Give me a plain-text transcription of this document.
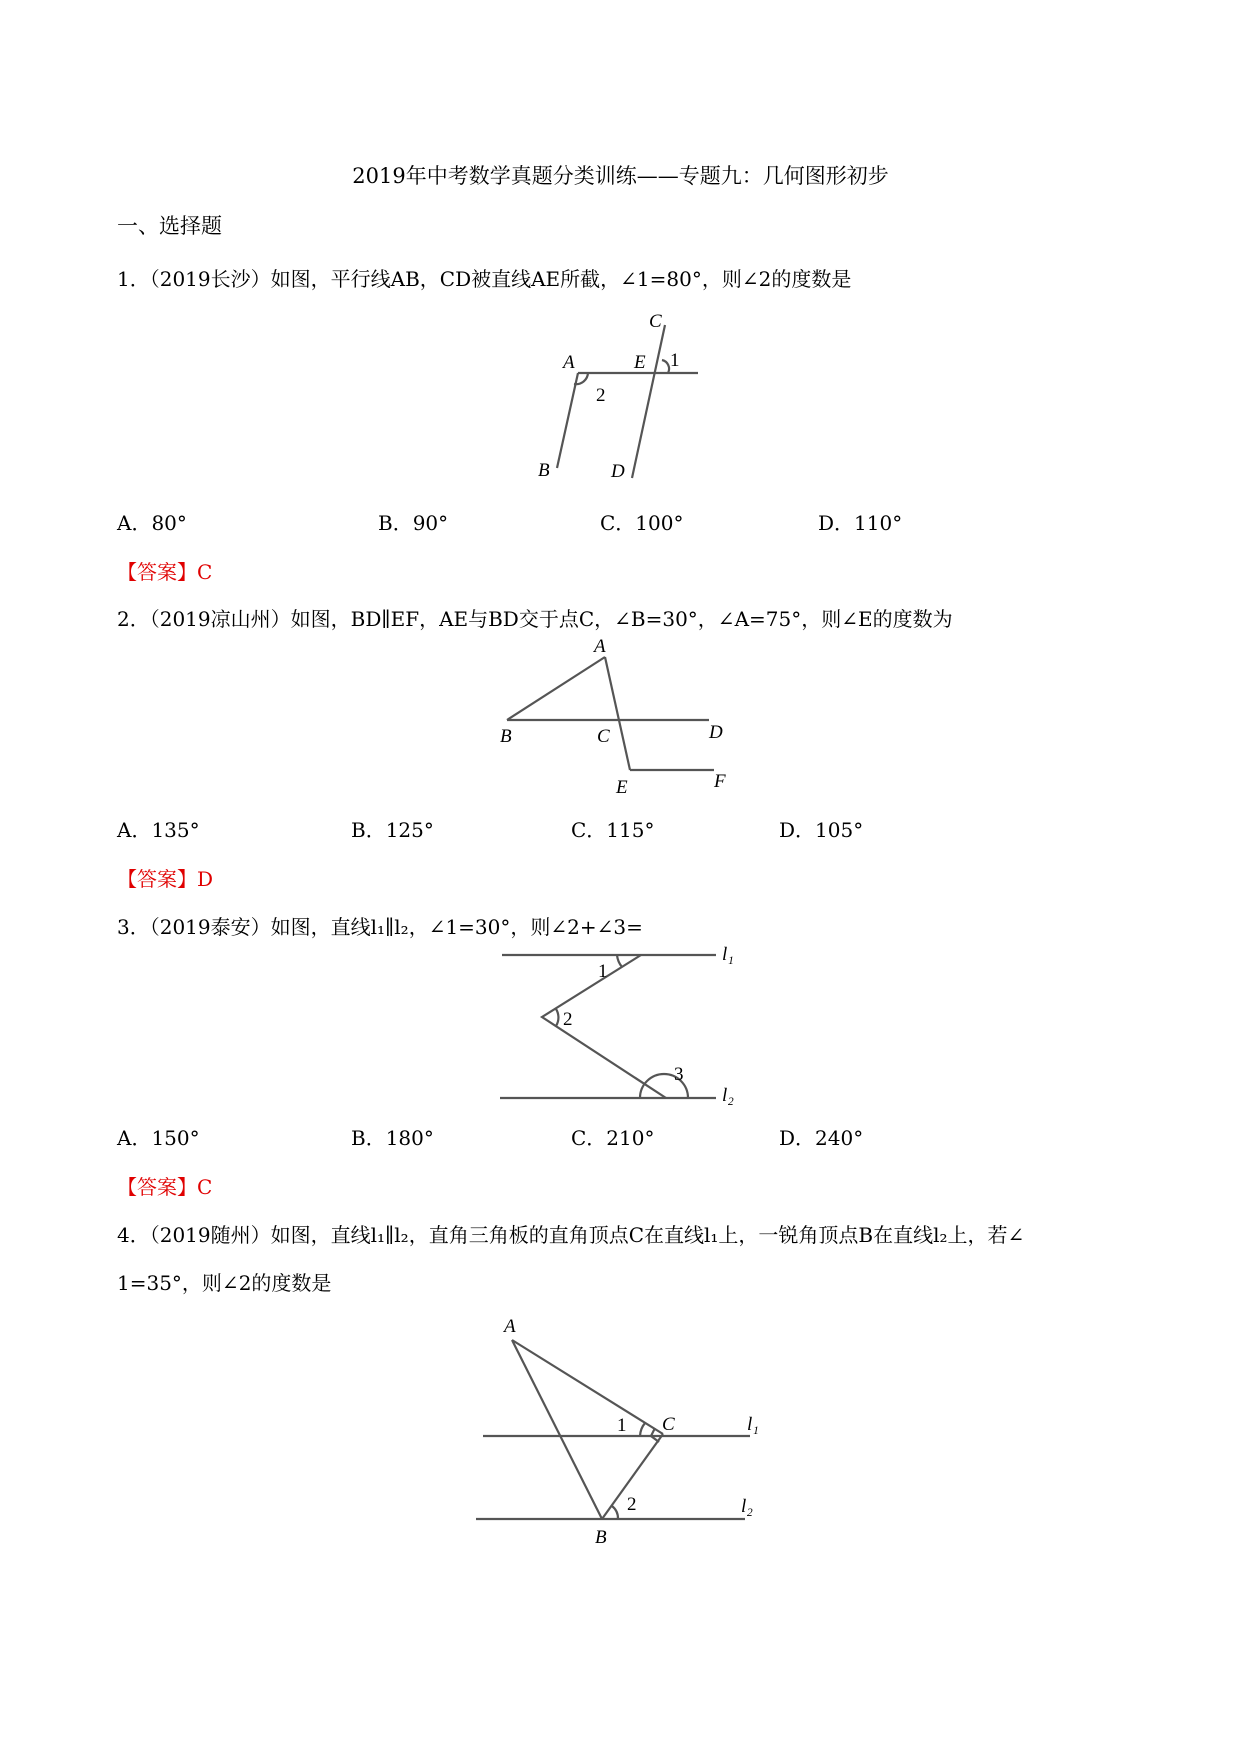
2019年中考数学真题分类训练——专题九：几何图形初步
一、选择题
1．（2019长沙）如图，平行线AB，CD被直线AE所截，∠1=80°，则∠2的度数是
C
A	E 1
2
B	D
A．80°	B．90°	C．100°	D．110°
【答案】C
2．（2019凉山州）如图，BD∥EF，AE与BD交于点C，∠B=30°，∠A=75°，则∠E的度数为
A
B	C	D
E	F
A．135°	B．125°	C．115°	D．105°
【答案】D
3．（2019泰安）如图，直线l₁∥l₂，∠1=30°，则∠2+∠3=
1
2
3
l₁
l₂
A．150°	B．180°	C．210°	D．240°
【答案】C
4．（2019随州）如图，直线l₁∥l₂，直角三角板的直角顶点C在直线l₁上，一锐角顶点B在直线l₂上，若∠
1=35°，则∠2的度数是
A
1 C	l₁
2	l₂
B
